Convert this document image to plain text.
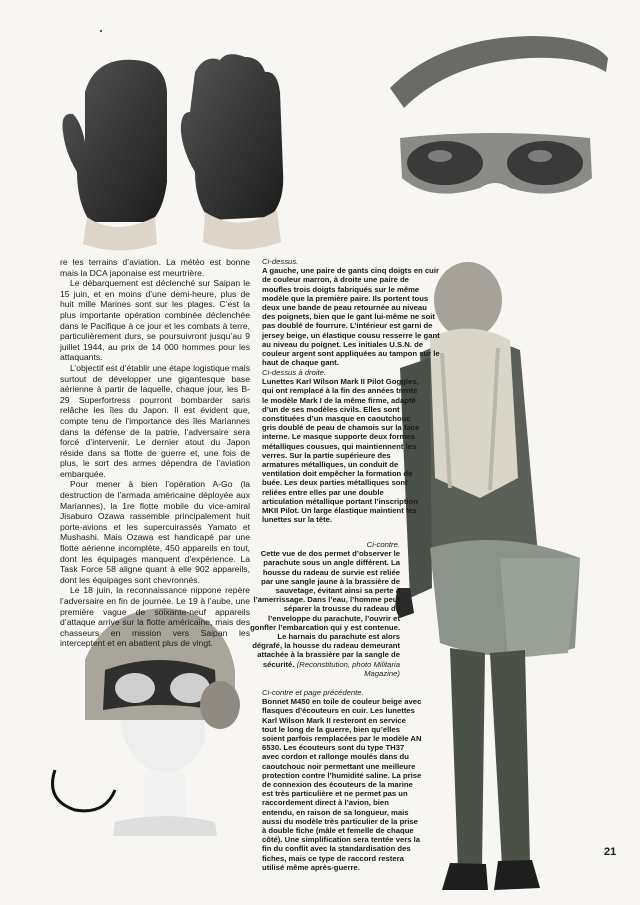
re les terrains d’aviation. La météo est bonne mais la DCA japonaise est meurtrière.

Le débarquement est déclenché sur Saipan le 15 juin, et en moins d’une demi-heure, plus de huit mille Marines sont sur les plages. C’est la plus importante opération combinée déclenchée dans le Pacifique à ce jour et les combats à terre, particulièrement durs, se poursuivront jusqu’au 9 juillet 1944, au prix de 14 000 hommes pour les attaquants.

L’objectif est d’établir une étape logistique mais surtout de développer une gigantesque base aérienne à partir de laquelle, chaque jour, les B-29 Superfortress pourront bombarder sans relâche les îles du Japon. Il est évident que, compte tenu de l’importance des îles Mariannes dans la défense de la patrie, l’adversaire sera forcé d’intervenir. Le dernier atout du Japon réside dans sa flotte de guerre et, une fois de plus, le sort des armes dépendra de l’aviation embarquée.

Pour mener à bien l’opération A-Go (la destruction de l’armada américaine déployée aux Mariannes), la 1re flotte mobile du vice-amiral Jisaburo Ozawa rassemble principalement huit porte-avions et les supercuirassés Yamato et Mushashi. Mais Ozawa est handicapé par une flotte aérienne incomplète, 450 appareils en tout, dont les équipages manquent d’expérience. La Task Force 58 aligne quant à elle 902 appareils, dont les équipages sont chevronnés.

Le 18 juin, la reconnaissance nippone repère l’adversaire en fin de journée. Le 19 à l’aube, une première vague de soixante-neuf appareils d’attaque arrive sur la flotte américaine, mais des chasseurs en mission vers Saipan les interceptent et en abattent plus de vingt.

Ci-dessus.
A gauche, une paire de gants cinq doigts en cuir de couleur marron, à droite une paire de moufles trois doigts fabriqués sur le même modèle que la première paire. Ils portent tous deux une bande de peau retournée au niveau des poignets, bien que le gant lui-même ne soit pas doublé de fourrure. L’intérieur est garni de jersey beige, un élastique cousu resserre le gant au niveau du poignet. Les initiales U.S.N. de couleur argent sont appliquées au tampon sur le haut de chaque gant.
Ci-dessus à droite.
Lunettes Karl Wilson Mark II Pilot Goggles, qui ont remplacé à la fin des années trente le modèle Mark I de la même firme, adapté d’un de ses modèles civils. Elles sont constituées d’un masque en caoutchouc gris doublé de peau de chamois sur la face interne. Le masque supporte deux formes métalliques cousues, qui maintiennent les verres. Sur la partie supérieure des armatures métalliques, un conduit de ventilation doit empêcher la formation de buée. Les deux parties métalliques sont reliées entre elles par une double articulation métallique portant l’inscription MKII Pilot. Un large élastique maintient les lunettes sur la tête.
Ci-contre.
Cette vue de dos permet d’observer le parachute sous un angle différent. La housse du radeau de survie est reliée par une sangle jaune à la brassière de sauvetage, évitant ainsi sa perte à l’amerrissage. Dans l’eau, l’homme peut séparer la trousse du radeau de l’enveloppe du parachute, l’ouvrir et gonfler l’embarcation qui y est contenue. Le harnais du parachute est alors dégrafé, la housse du radeau demeurant attachée à la brassière par la sangle de sécurité. (Reconstitution, photo Militaria Magazine)
Ci-contre et page précédente.
Bonnet M450 en toile de couleur beige avec flasques d’écouteurs en cuir. Les lunettes Karl Wilson Mark II resteront en service tout le long de la guerre, bien qu’elles soient parfois remplacées par le modèle AN 6530. Les écouteurs sont du type TH37 avec cordon et rallonge moulés dans du caoutchouc noir permettant une meilleure protection contre l’humidité saline. La prise de connexion des écouteurs de la marine est très particulière et ne permet pas un raccordement direct à l’avion, bien entendu, en raison de sa longueur, mais aussi du modèle très particulier de la prise à double fiche (mâle et femelle de chaque côté). Une simplification sera tentée vers la fin du conflit avec la standardisation des fiches, mais ce type de raccord restera utilisé même après-guerre.
21
